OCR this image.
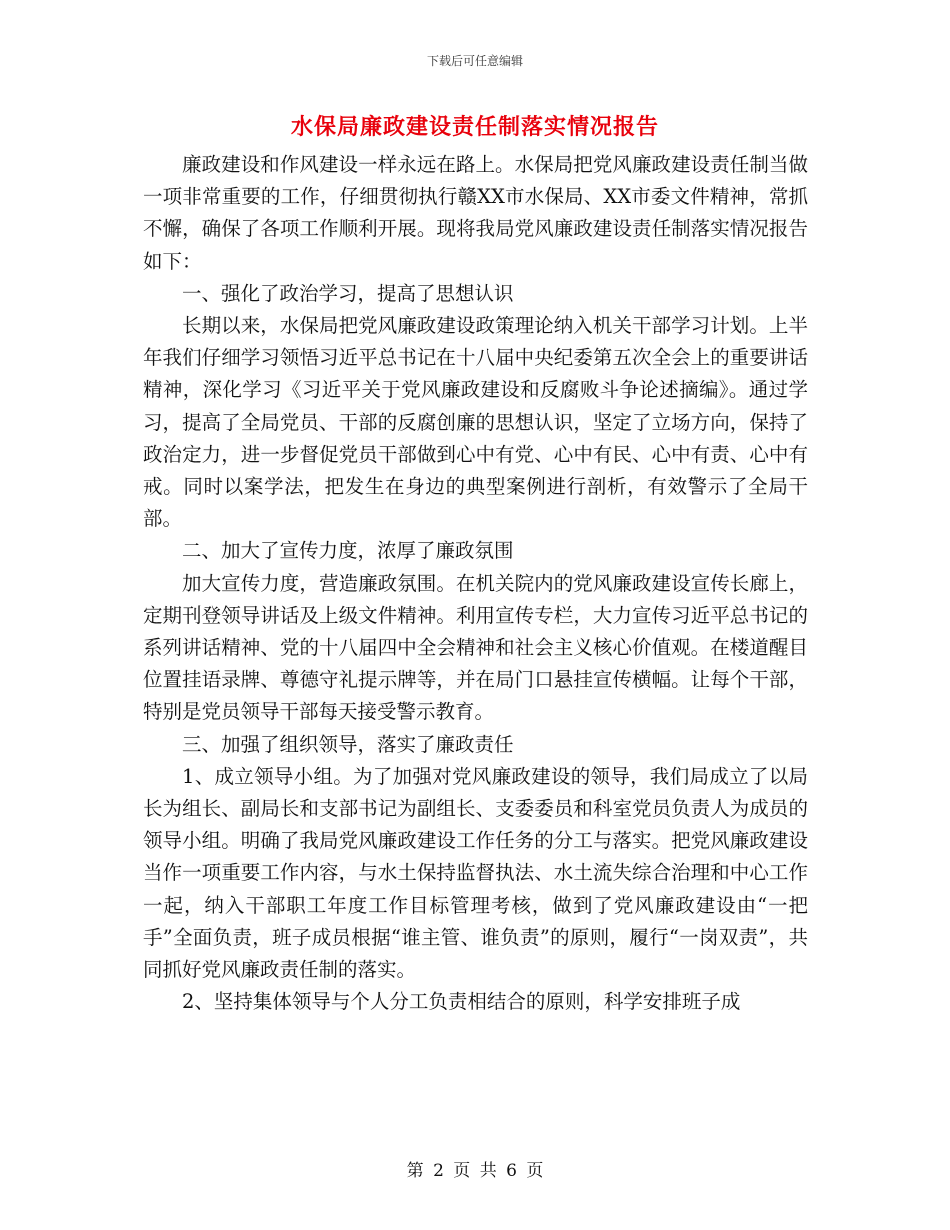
下载后可任意编辑
水保局廉政建设责任制落实情况报告

廉政建设和作风建设一样永远在路上。水保局把党风廉政建设责任制当做一项非常重要的工作，仔细贯彻执行赣XX市水保局、XX市委文件精神，常抓不懈，确保了各项工作顺利开展。现将我局党风廉政建设责任制落实情况报告如下：

一、强化了政治学习，提高了思想认识

长期以来，水保局把党风廉政建设政策理论纳入机关干部学习计划。上半年我们仔细学习领悟习近平总书记在十八届中央纪委第五次全会上的重要讲话精神，深化学习《习近平关于党风廉政建设和反腐败斗争论述摘编》。通过学习，提高了全局党员、干部的反腐创廉的思想认识，坚定了立场方向，保持了政治定力，进一步督促党员干部做到心中有党、心中有民、心中有责、心中有戒。同时以案学法，把发生在身边的典型案例进行剖析，有效警示了全局干部。

二、加大了宣传力度，浓厚了廉政氛围

加大宣传力度，营造廉政氛围。在机关院内的党风廉政建设宣传长廊上，定期刊登领导讲话及上级文件精神。利用宣传专栏，大力宣传习近平总书记的系列讲话精神、党的十八届四中全会精神和社会主义核心价值观。在楼道醒目位置挂语录牌、尊德守礼提示牌等，并在局门口悬挂宣传横幅。让每个干部，特别是党员领导干部每天接受警示教育。

三、加强了组织领导，落实了廉政责任

1、成立领导小组。为了加强对党风廉政建设的领导，我们局成立了以局长为组长、副局长和支部书记为副组长、支委委员和科室党员负责人为成员的领导小组。明确了我局党风廉政建设工作任务的分工与落实。把党风廉政建设当作一项重要工作内容，与水土保持监督执法、水土流失综合治理和中心工作一起，纳入干部职工年度工作目标管理考核，做到了党风廉政建设由“一把手”全面负责，班子成员根据“谁主管、谁负责”的原则，履行“一岗双责”，共同抓好党风廉政责任制的落实。

2、坚持集体领导与个人分工负责相结合的原则，科学安排班子成

第 2 页 共 6 页
